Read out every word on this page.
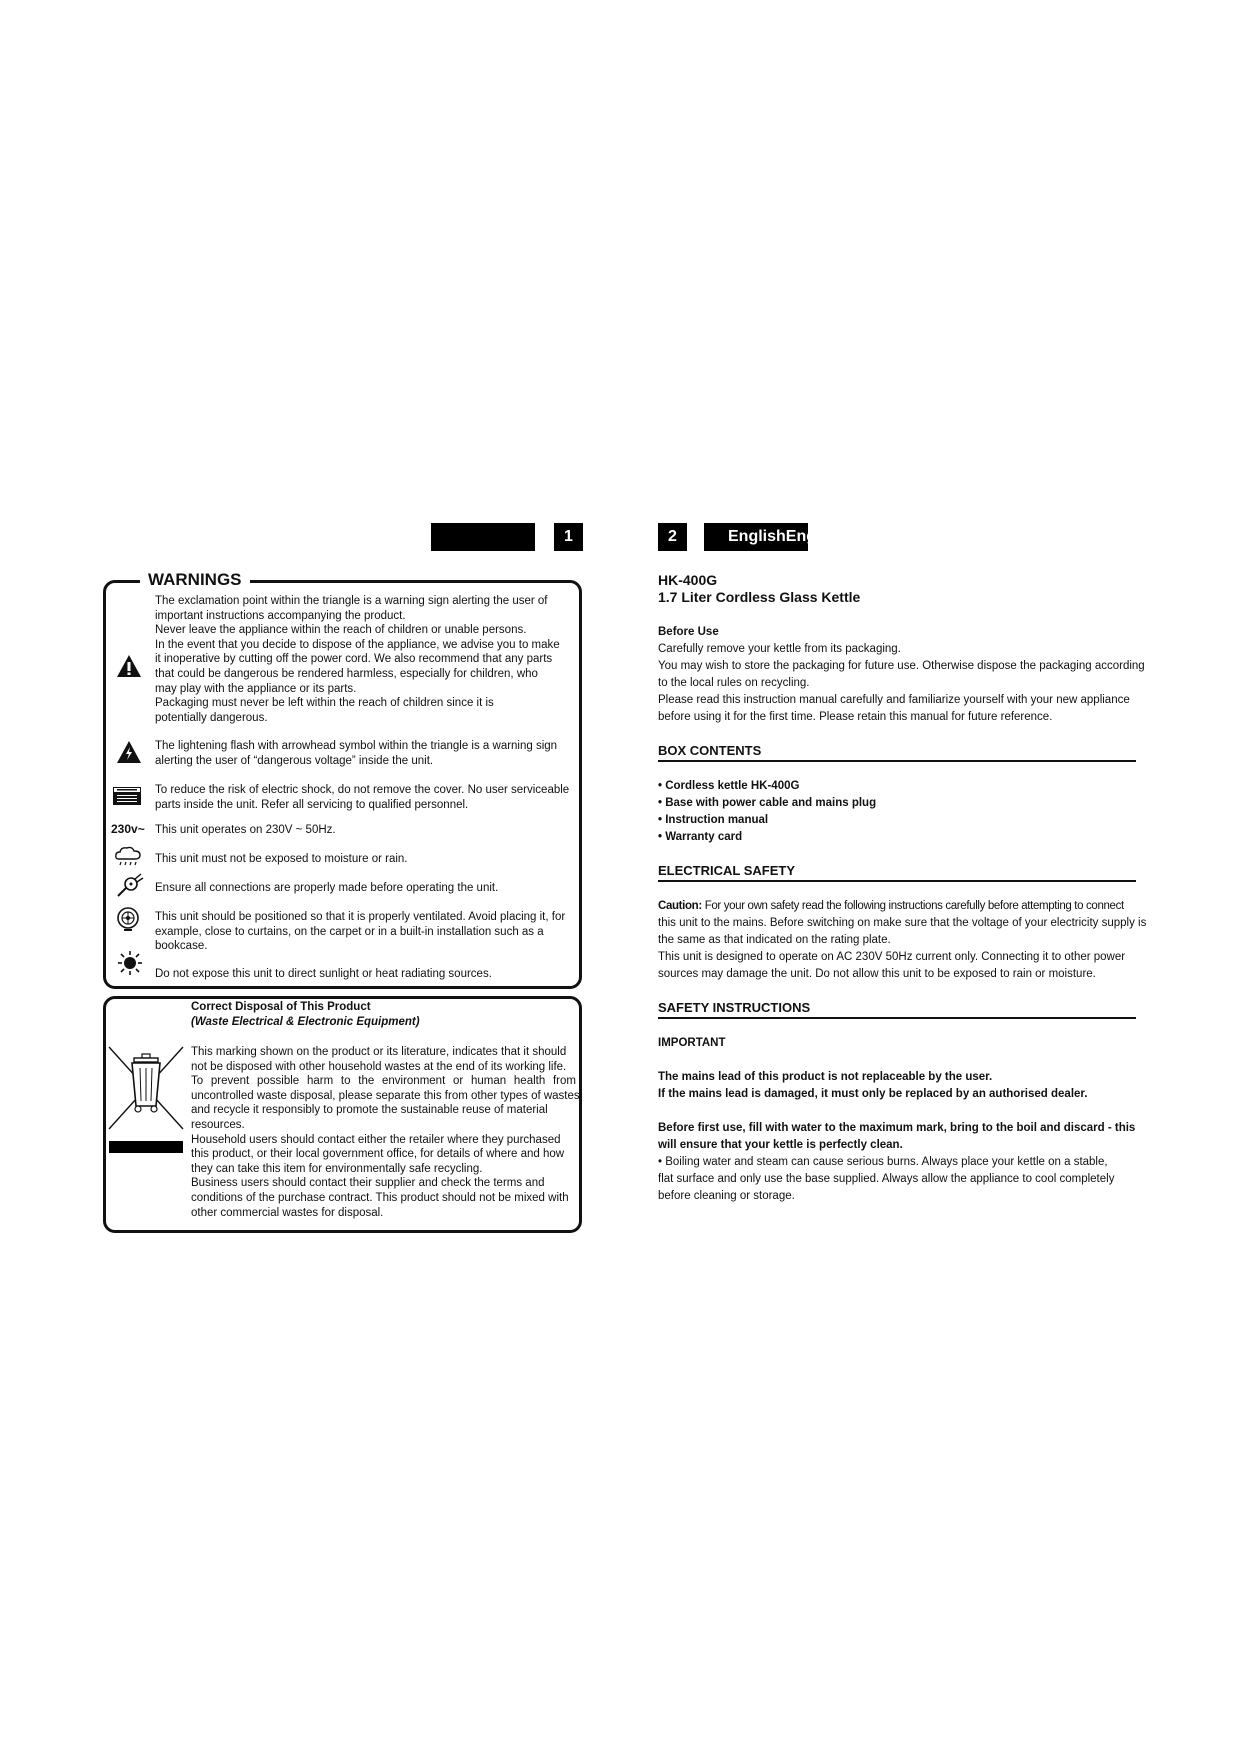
1	2	EnglishEnglish
WARNINGS

The exclamation point within the triangle is a warning sign alerting the user of

important instructions accompanying the product.

Never leave the appliance within the reach of children or unable persons.

In the event that you decide to dispose of the appliance, we advise you to make

it inoperative by cutting off the power cord. We also recommend that any parts

that could be dangerous be rendered harmless, especially for children, who

may play with the appliance or its parts.

Packaging must never be left within the reach of children since it is

potentially dangerous.

The lightening flash with arrowhead symbol within the triangle is a warning sign

alerting the user of “dangerous voltage” inside the unit.

To reduce the risk of electric shock, do not remove the cover. No user serviceable

parts inside the unit. Refer all servicing to qualified personnel.

230v~ This unit operates on 230V ~ 50Hz.
This unit must not be exposed to moisture or rain.
Ensure all connections are properly made before operating the unit.

This unit should be positioned so that it is properly ventilated. Avoid placing it, for

example, close to curtains, on the carpet or in a built-in installation such as a

bookcase.

Do not expose this unit to direct sunlight or heat radiating sources.
Correct Disposal of This Product
(Waste Electrical & Electronic Equipment)

This marking shown on the product or its literature, indicates that it should

not be disposed with other household wastes at the end of its working life.

To prevent possible harm to the environment or human health from

uncontrolled waste disposal, please separate this from other types of wastes

and recycle it responsibly to promote the sustainable reuse of material

resources.

Household users should contact either the retailer where they purchased

this product, or their local government office, for details of where and how

they can take this item for environmentally safe recycling.

Business users should contact their supplier and check the terms and

conditions of the purchase contract. This product should not be mixed with

other commercial wastes for disposal.

HK-400G
1.7 Liter Cordless Glass Kettle
Before Use

Carefully remove your kettle from its packaging.

You may wish to store the packaging for future use. Otherwise dispose the packaging according

to the local rules on recycling.

Please read this instruction manual carefully and familiarize yourself with your new appliance

before using it for the first time. Please retain this manual for future reference.

BOX CONTENTS

• Cordless kettle HK-400G

• Base with power cable and mains plug

• Instruction manual

• Warranty card

ELECTRICAL SAFETY

Caution: For your own safety read the following instructions carefully before attempting to connect

this unit to the mains. Before switching on make sure that the voltage of your electricity supply is

the same as that indicated on the rating plate.

This unit is designed to operate on AC 230V 50Hz current only. Connecting it to other power

sources may damage the unit. Do not allow this unit to be exposed to rain or moisture.

SAFETY INSTRUCTIONS
IMPORTANT

The mains lead of this product is not replaceable by the user.

If the mains lead is damaged, it must only be replaced by an authorised dealer.

Before first use, fill with water to the maximum mark, bring to the boil and discard - this

will ensure that your kettle is perfectly clean.

• Boiling water and steam can cause serious burns. Always place your kettle on a stable,

flat surface and only use the base supplied. Always allow the appliance to cool completely

before cleaning or storage.
